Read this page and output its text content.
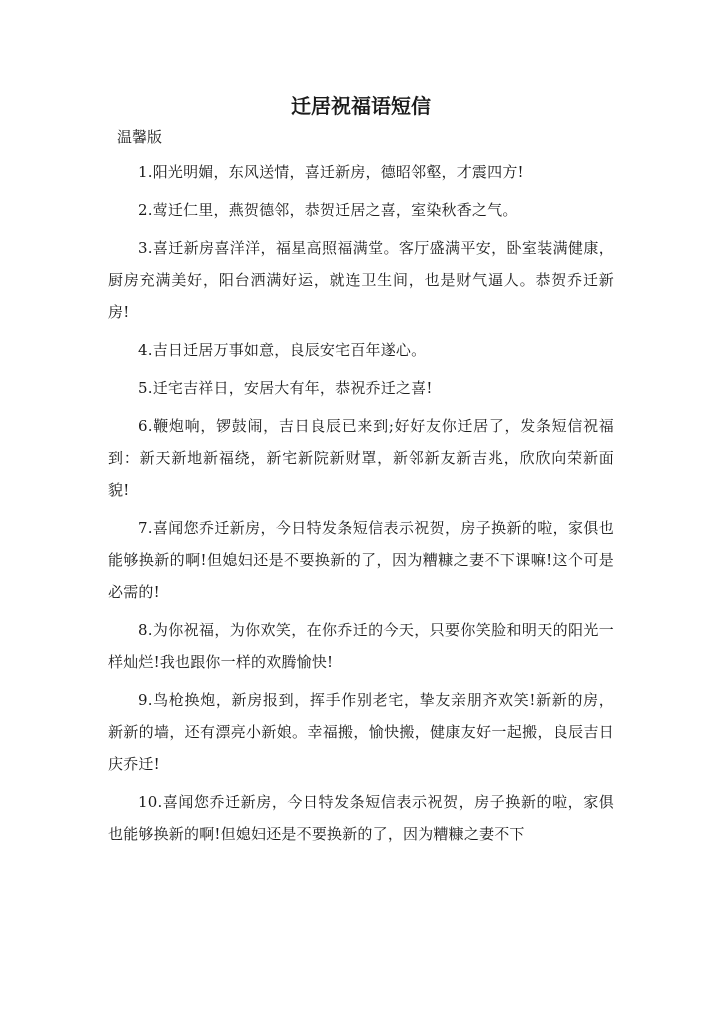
迁居祝福语短信

温馨版

1.阳光明媚，东风送情，喜迁新房，德昭邻壑，才震四方!

2.莺迁仁里，燕贺德邻，恭贺迁居之喜，室染秋香之气。

3.喜迁新房喜洋洋，福星高照福满堂。客厅盛满平安，卧室装满健康，厨房充满美好，阳台洒满好运，就连卫生间，也是财气逼人。恭贺乔迁新房!

4.吉日迁居万事如意，良辰安宅百年遂心。

5.迁宅吉祥日，安居大有年，恭祝乔迁之喜!

6.鞭炮响，锣鼓闹，吉日良辰已来到;好好友你迁居了，发条短信祝福到：新天新地新福绕，新宅新院新财罩，新邻新友新吉兆，欣欣向荣新面貌!

7.喜闻您乔迁新房，今日特发条短信表示祝贺，房子换新的啦，家俱也能够换新的啊!但媳妇还是不要换新的了，因为糟糠之妻不下课嘛!这个可是必需的!

8.为你祝福，为你欢笑，在你乔迁的今天，只要你笑脸和明天的阳光一样灿烂!我也跟你一样的欢腾愉快!

9.鸟枪换炮，新房报到，挥手作别老宅，挚友亲朋齐欢笑!新新的房，新新的墙，还有漂亮小新娘。幸福搬，愉快搬，健康友好一起搬，良辰吉日庆乔迁!

10.喜闻您乔迁新房，今日特发条短信表示祝贺，房子换新的啦，家俱也能够换新的啊!但媳妇还是不要换新的了，因为糟糠之妻不下
